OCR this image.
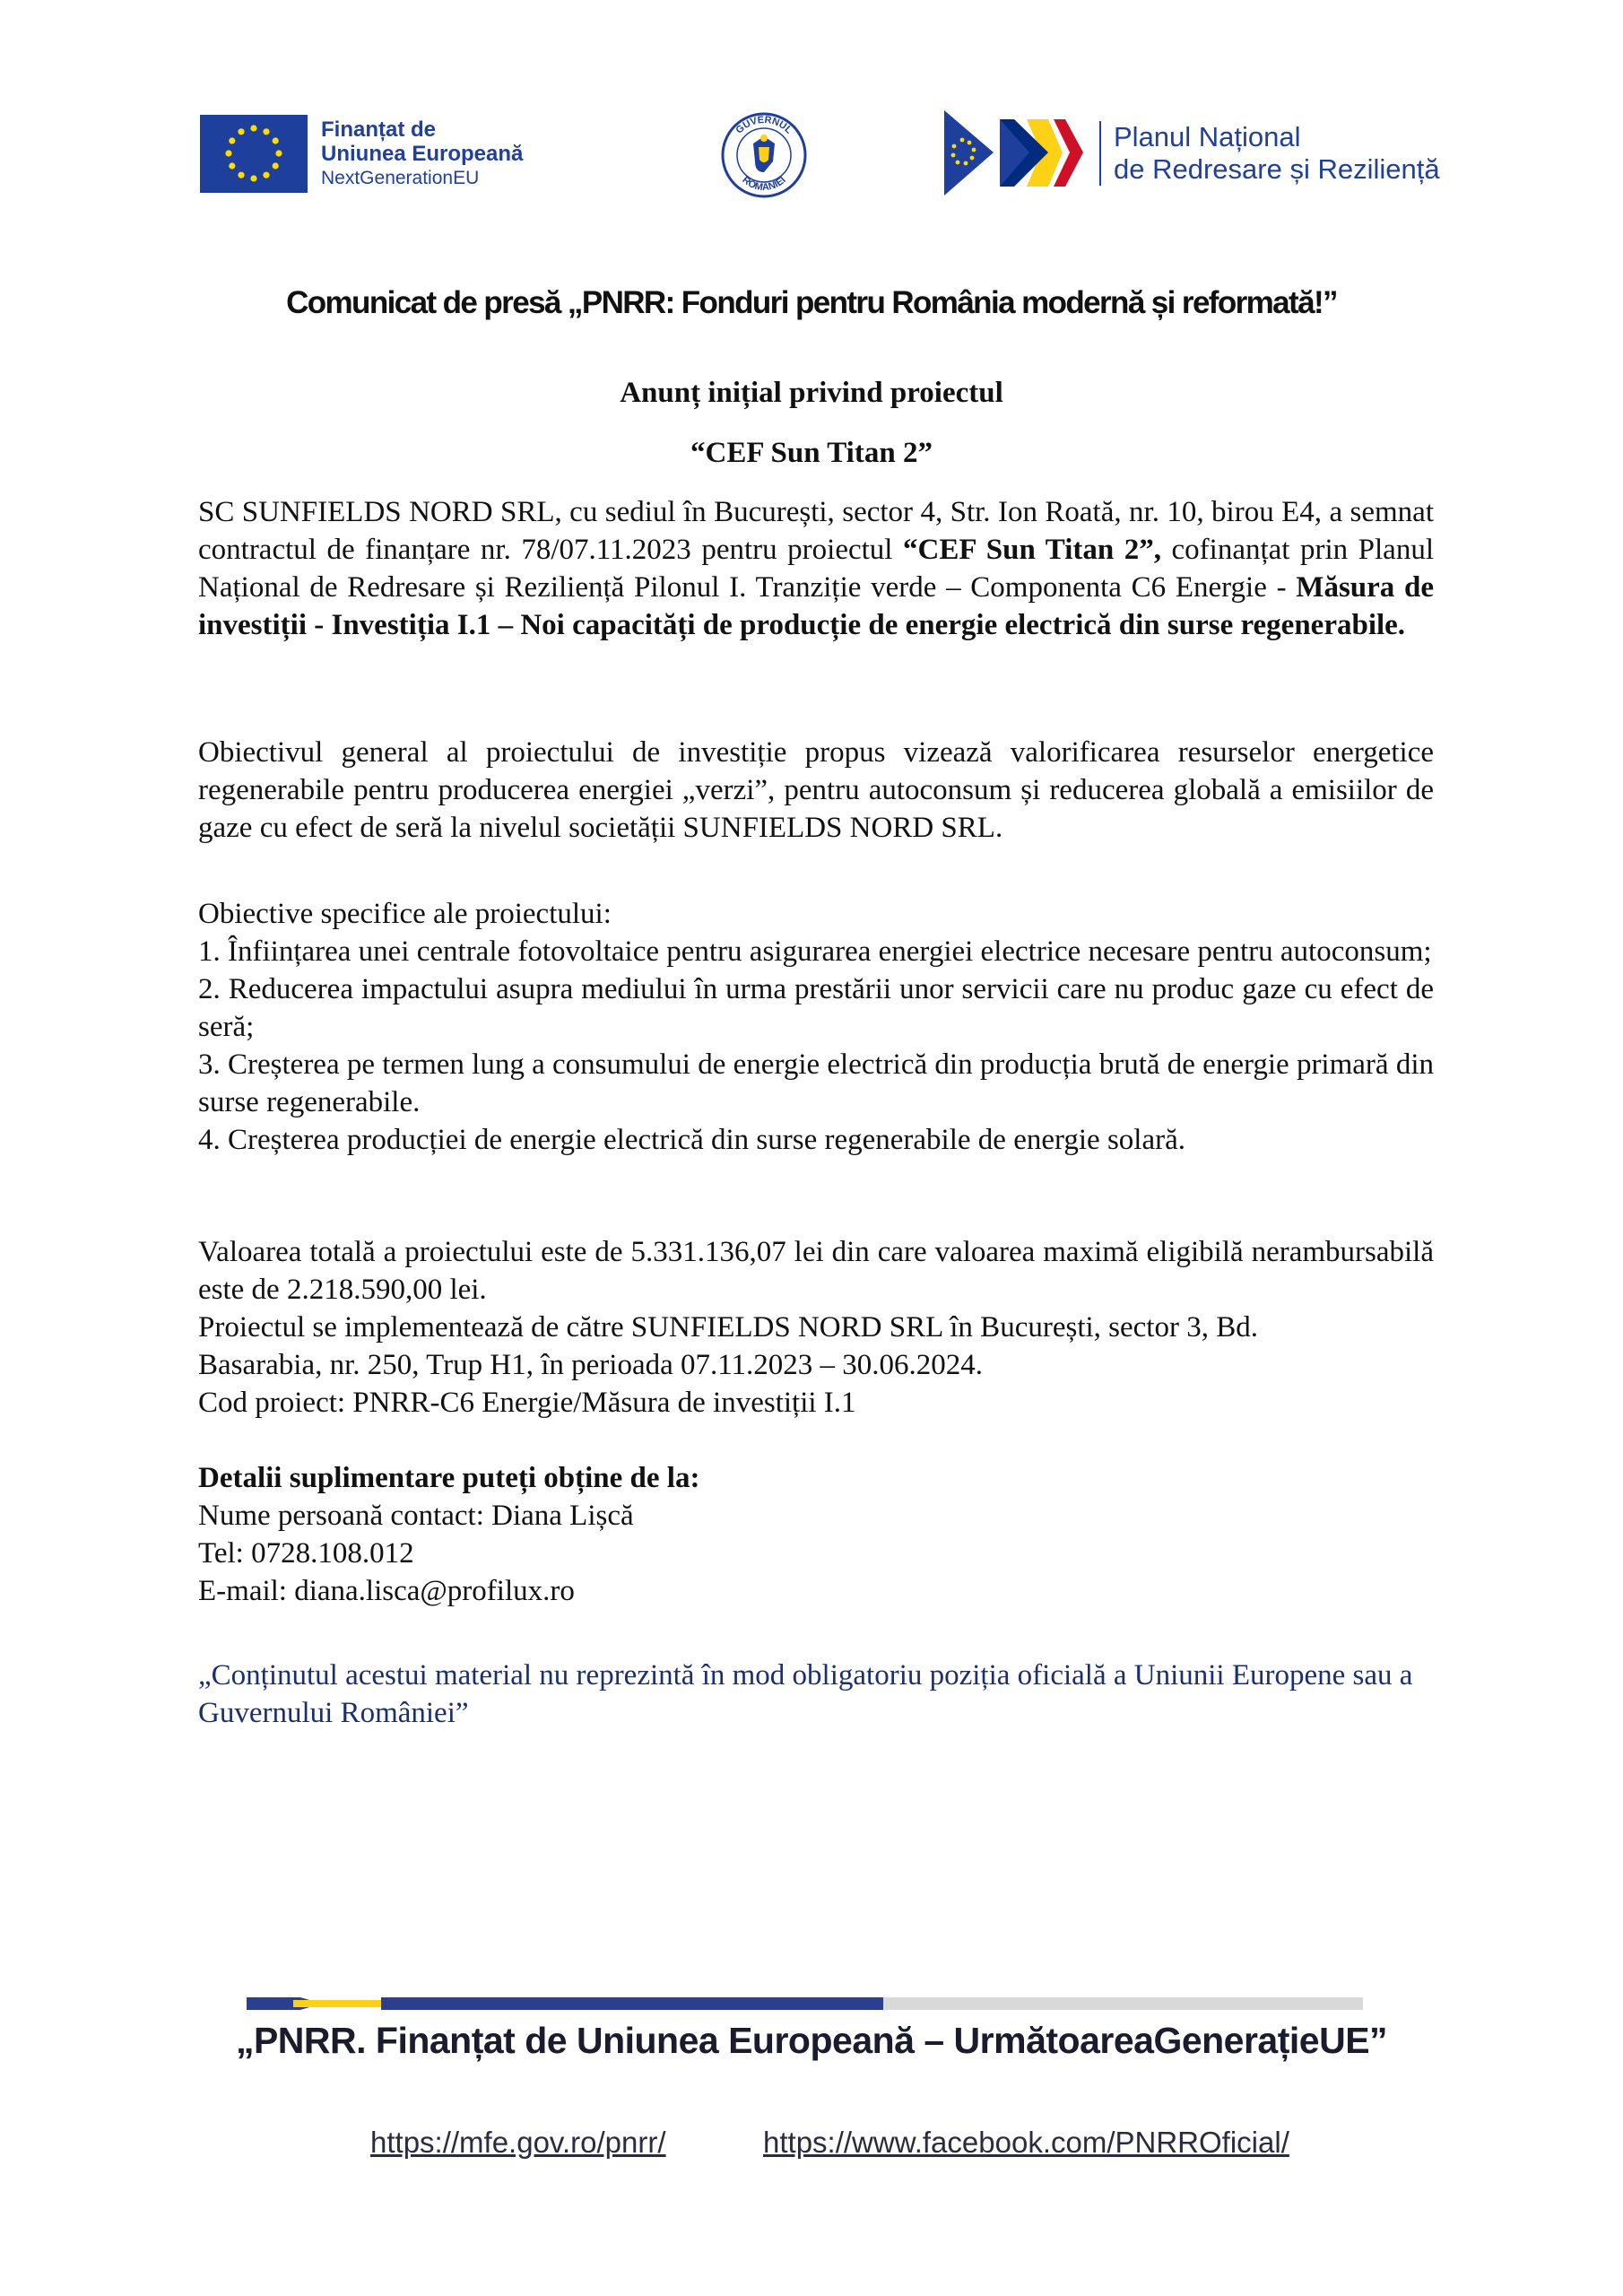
Finanțat de
Uniunea Europeană
NextGenerationEU
GUVERNUL
ROMÂNIEI
Planul Național
de Redresare și Reziliență
Comunicat de presă „PNRR: Fonduri pentru România modernă și reformată!”
Anunț inițial privind proiectul
“CEF Sun Titan 2”

SC SUNFIELDS NORD SRL, cu sediul în București, sector 4, Str. Ion Roată, nr. 10, birou E4, a semnat contractul de finanțare nr. 78/07.11.2023 pentru proiectul “CEF Sun Titan 2”, cofinanțat prin Planul Național de Redresare și Reziliență Pilonul I. Tranziție verde – Componenta C6 Energie - Măsura de investiții - Investiția I.1 – Noi capacități de producție de energie electrică din surse regenerabile.

Obiectivul general al proiectului de investiție propus vizează valorificarea resurselor energetice regenerabile pentru producerea energiei „verzi”, pentru autoconsum și reducerea globală a emisiilor de gaze cu efect de seră la nivelul societății SUNFIELDS NORD SRL.

Obiective specifice ale proiectului:

1. Înființarea unei centrale fotovoltaice pentru asigurarea energiei electrice necesare pentru autoconsum;

2. Reducerea impactului asupra mediului în urma prestării unor servicii care nu produc gaze cu efect de seră;

3. Creșterea pe termen lung a consumului de energie electrică din producția brută de energie primară din surse regenerabile.

4. Creșterea producției de energie electrică din surse regenerabile de energie solară.

Valoarea totală a proiectului este de 5.331.136,07 lei din care valoarea maximă eligibilă nerambursabilă este de 2.218.590,00 lei.

Proiectul se implementează de către SUNFIELDS NORD SRL în București, sector 3, Bd.

Basarabia, nr. 250, Trup H1, în perioada 07.11.2023 – 30.06.2024.

Cod proiect: PNRR-C6 Energie/Măsura de investiții I.1

Detalii suplimentare puteți obține de la:

Nume persoană contact: Diana Lișcă

Tel: 0728.108.012

E-mail: diana.lisca@profilux.ro

„Conținutul acestui material nu reprezintă în mod obligatoriu poziția oficială a Uniunii Europene sau a Guvernului României”

„PNRR. Finanțat de Uniunea Europeană – UrmătoareaGenerațieUE”
https://mfe.gov.ro/pnrr/	https://www.facebook.com/PNRROficial/
